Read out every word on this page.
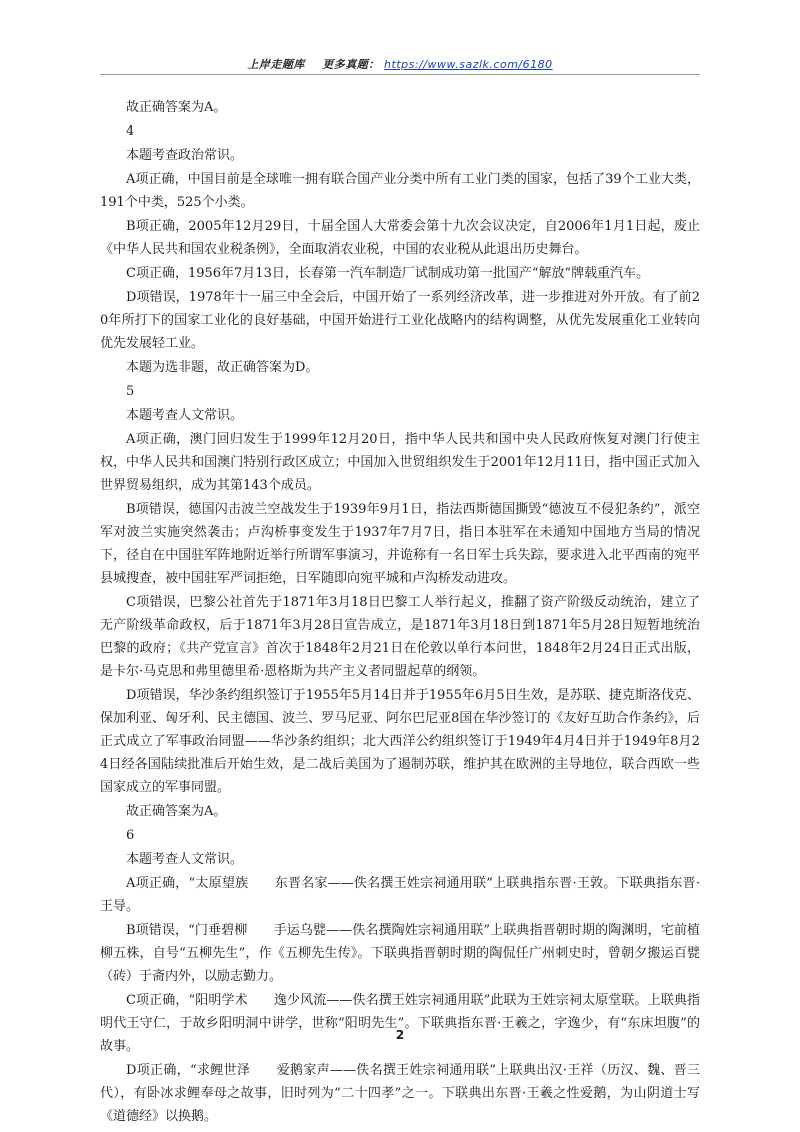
上岸走题库 更多真题： https://www.sazlk.com/6180

故正确答案为A。

4

本题考查政治常识。

A项正确，中国目前是全球唯一拥有联合国产业分类中所有工业门类的国家，包括了39个工业大类，191个中类，525个小类。

B项正确，2005年12月29日，十届全国人大常委会第十九次会议决定，自2006年1月1日起，废止《中华人民共和国农业税条例》，全面取消农业税，中国的农业税从此退出历史舞台。

C项正确，1956年7月13日，长春第一汽车制造厂试制成功第一批国产“解放”牌载重汽车。

D项错误，1978年十一届三中全会后，中国开始了一系列经济改革，进一步推进对外开放。有了前20年所打下的国家工业化的良好基础，中国开始进行工业化战略内的结构调整，从优先发展重化工业转向优先发展轻工业。

本题为选非题，故正确答案为D。

5

本题考查人文常识。

A项正确，澳门回归发生于1999年12月20日，指中华人民共和国中央人民政府恢复对澳门行使主权，中华人民共和国澳门特别行政区成立；中国加入世贸组织发生于2001年12月11日，指中国正式加入世界贸易组织，成为其第143个成员。

B项错误，德国闪击波兰空战发生于1939年9月1日，指法西斯德国撕毁“德波互不侵犯条约”，派空军对波兰实施突然袭击；卢沟桥事变发生于1937年7月7日，指日本驻军在未通知中国地方当局的情况下，径自在中国驻军阵地附近举行所谓军事演习，并诡称有一名日军士兵失踪，要求进入北平西南的宛平县城搜查，被中国驻军严词拒绝，日军随即向宛平城和卢沟桥发动进攻。

C项错误，巴黎公社首先于1871年3月18日巴黎工人举行起义，推翻了资产阶级反动统治，建立了无产阶级革命政权，后于1871年3月28日宣告成立，是1871年3月18日到1871年5月28日短暂地统治巴黎的政府；《共产党宣言》首次于1848年2月21日在伦敦以单行本问世，1848年2月24日正式出版，是卡尔·马克思和弗里德里希·恩格斯为共产主义者同盟起草的纲领。

D项错误，华沙条约组织签订于1955年5月14日并于1955年6月5日生效，是苏联、捷克斯洛伐克、保加利亚、匈牙利、民主德国、波兰、罗马尼亚、阿尔巴尼亚8国在华沙签订的《友好互助合作条约》，后正式成立了军事政治同盟——华沙条约组织；北大西洋公约组织签订于1949年4月4日并于1949年8月24日经各国陆续批准后开始生效，是二战后美国为了遏制苏联，维护其在欧洲的主导地位，联合西欧一些国家成立的军事同盟。

故正确答案为A。

6

本题考查人文常识。

A项正确，“太原望族　　东晋名家——佚名撰王姓宗祠通用联”上联典指东晋·王敦。下联典指东晋·王导。

B项错误，“门垂碧柳　　手运乌甓——佚名撰陶姓宗祠通用联”上联典指晋朝时期的陶渊明，宅前植柳五株，自号“五柳先生”，作《五柳先生传》。下联典指晋朝时期的陶侃任广州刺史时，曾朝夕搬运百甓（砖）于斋内外，以励志勤力。

C项正确，“阳明学术　　逸少风流——佚名撰王姓宗祠通用联”此联为王姓宗祠太原堂联。上联典指明代王守仁，于故乡阳明洞中讲学，世称“阳明先生”。下联典指东晋·王羲之，字逸少，有“东床坦腹”的故事。

D项正确，“求鲤世泽　　爱鹅家声——佚名撰王姓宗祠通用联”上联典出汉·王祥（历汉、魏、晋三代），有卧冰求鲤奉母之故事，旧时列为“二十四孝”之一。下联典出东晋·王羲之性爱鹅，为山阴道士写《道德经》以换鹅。

2
